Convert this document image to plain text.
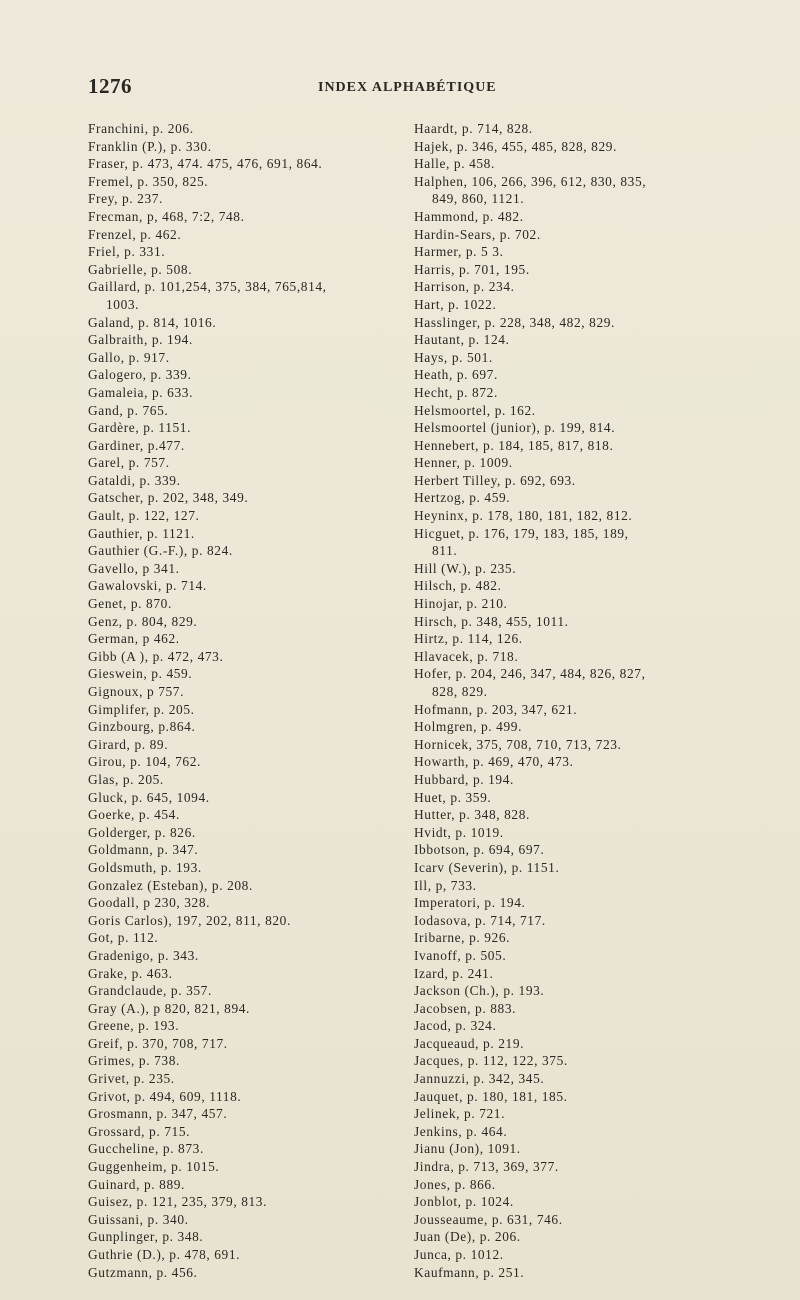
1276	INDEX ALPHABÉTIQUE
Franchini, p. 206.
Franklin (P.), p. 330.
Fraser, p. 473, 474. 475, 476, 691, 864.
Fremel, p. 350, 825.
Frey, p. 237.
Frecman, p, 468, 7:2, 748.
Frenzel, p. 462.
Friel, p. 331.
Gabrielle, p. 508.
Gaillard, p. 101,254, 375, 384, 765,814,
1003.
Galand, p. 814, 1016.
Galbraith, p. 194.
Gallo, p. 917.
Galogero, p. 339.
Gamaleia, p. 633.
Gand, p. 765.
Gardère, p. 1151.
Gardiner, p.477.
Garel, p. 757.
Gataldi, p. 339.
Gatscher, p. 202, 348, 349.
Gault, p. 122, 127.
Gauthier, p. 1121.
Gauthier (G.-F.), p. 824.
Gavello, p 341.
Gawalovski, p. 714.
Genet, p. 870.
Genz, p. 804, 829.
German, p 462.
Gibb (A ), p. 472, 473.
Gieswein, p. 459.
Gignoux, p 757.
Gimplifer, p. 205.
Ginzbourg, p.864.
Girard, p. 89.
Girou, p. 104, 762.
Glas, p. 205.
Gluck, p. 645, 1094.
Goerke, p. 454.
Golderger, p. 826.
Goldmann, p. 347.
Goldsmuth, p. 193.
Gonzalez (Esteban), p. 208.
Goodall, p 230, 328.
Goris Carlos), 197, 202, 811, 820.
Got, p. 112.
Gradenigo, p. 343.
Grake, p. 463.
Grandclaude, p. 357.
Gray (A.), p 820, 821, 894.
Greene, p. 193.
Greif, p. 370, 708, 717.
Grimes, p. 738.
Grivet, p. 235.
Grivot, p. 494, 609, 1118.
Grosmann, p. 347, 457.
Grossard, p. 715.
Guccheline, p. 873.
Guggenheim, p. 1015.
Guinard, p. 889.
Guisez, p. 121, 235, 379, 813.
Guissani, p. 340.
Gunplinger, p. 348.
Guthrie (D.), p. 478, 691.
Gutzmann, p. 456.
Haardt, p. 714, 828.
Hajek, p. 346, 455, 485, 828, 829.
Halle, p. 458.
Halphen, 106, 266, 396, 612, 830, 835,
849, 860, 1121.
Hammond, p. 482.
Hardin-Sears, p. 702.
Harmer, p. 5 3.
Harris, p. 701, 195.
Harrison, p. 234.
Hart, p. 1022.
Hasslinger, p. 228, 348, 482, 829.
Hautant, p. 124.
Hays, p. 501.
Heath, p. 697.
Hecht, p. 872.
Helsmoortel, p. 162.
Helsmoortel (junior), p. 199, 814.
Hennebert, p. 184, 185, 817, 818.
Henner, p. 1009.
Herbert Tilley, p. 692, 693.
Hertzog, p. 459.
Heyninx, p. 178, 180, 181, 182, 812.
Hicguet, p. 176, 179, 183, 185, 189,
811.
Hill (W.), p. 235.
Hilsch, p. 482.
Hinojar, p. 210.
Hirsch, p. 348, 455, 1011.
Hirtz, p. 114, 126.
Hlavacek, p. 718.
Hofer, p. 204, 246, 347, 484, 826, 827,
828, 829.
Hofmann, p. 203, 347, 621.
Holmgren, p. 499.
Hornicek, 375, 708, 710, 713, 723.
Howarth, p. 469, 470, 473.
Hubbard, p. 194.
Huet, p. 359.
Hutter, p. 348, 828.
Hvidt, p. 1019.
Ibbotson, p. 694, 697.
Icarv (Severin), p. 1151.
Ill, p, 733.
Imperatori, p. 194.
Iodasova, p. 714, 717.
Iribarne, p. 926.
Ivanoff, p. 505.
Izard, p. 241.
Jackson (Ch.), p. 193.
Jacobsen, p. 883.
Jacod, p. 324.
Jacqueaud, p. 219.
Jacques, p. 112, 122, 375.
Jannuzzi, p. 342, 345.
Jauquet, p. 180, 181, 185.
Jelinek, p. 721.
Jenkins, p. 464.
Jianu (Jon), 1091.
Jindra, p. 713, 369, 377.
Jones, p. 866.
Jonblot, p. 1024.
Jousseaume, p. 631, 746.
Juan (De), p. 206.
Junca, p. 1012.
Kaufmann, p. 251.
